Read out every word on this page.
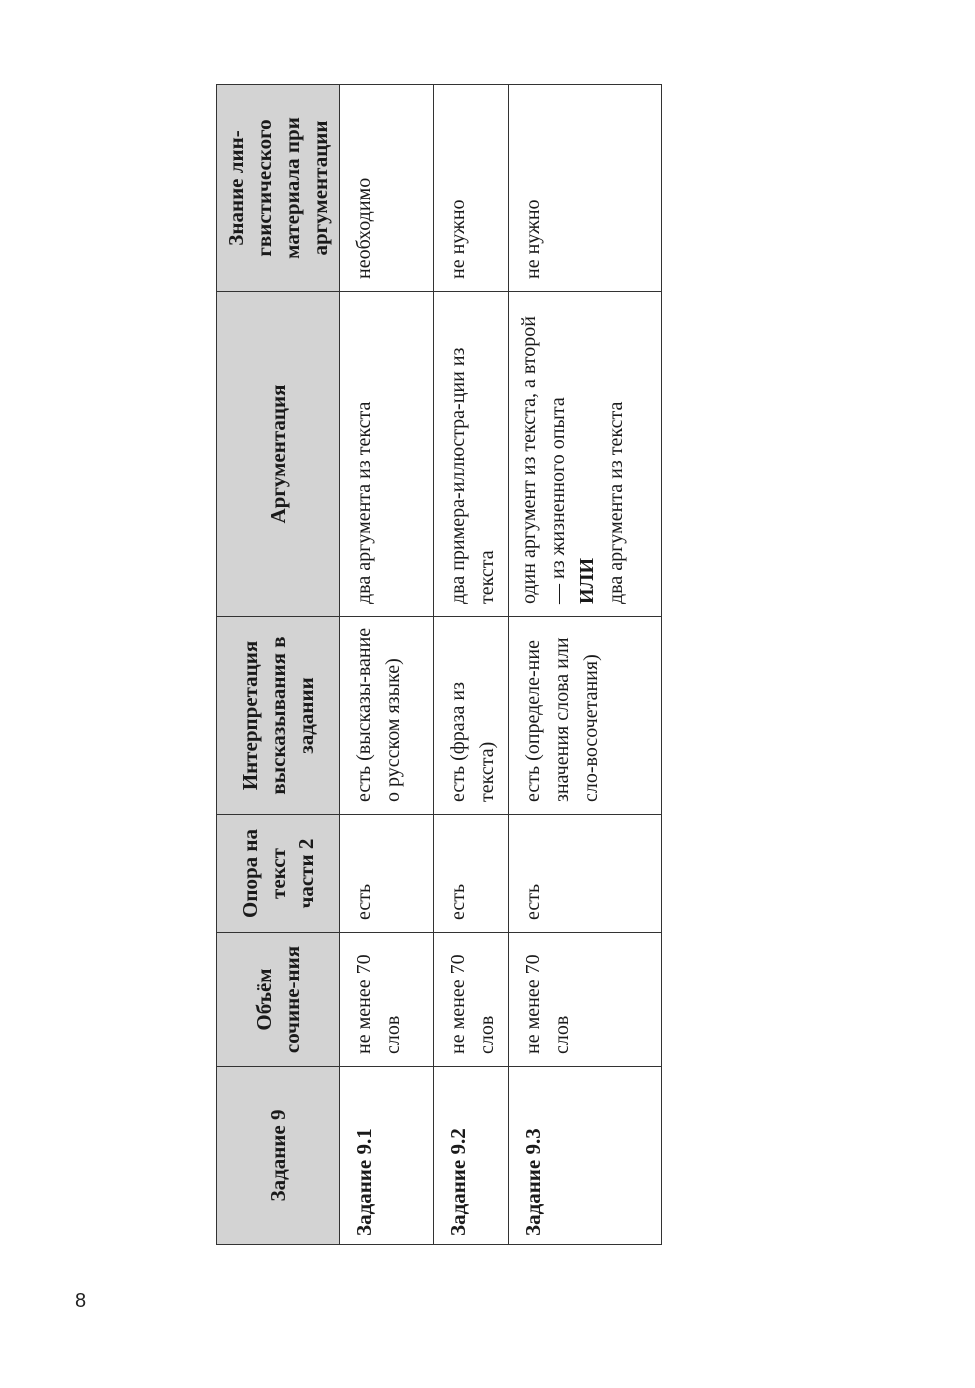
Задание 9	Объём сочине-ния	Опора на текст части 2	Интерпретация высказывания в задании	Аргументация	Знание лин-гвистического материала при аргументации
Задание 9.1	не менее 70 слов	есть	есть (высказы-вание о русском языке)	два аргумента из текста	необходимо
Задание 9.2	не менее 70 слов	есть	есть (фраза из текста)	два примера-иллюстра-ции из текста	не нужно
Задание 9.3	не менее 70 слов	есть	есть (определе-ние значения слова или сло-восочетания)	один аргумент из текста, а второй — из жизненного опыта ИЛИ два аргумента из текста	не нужно
8
